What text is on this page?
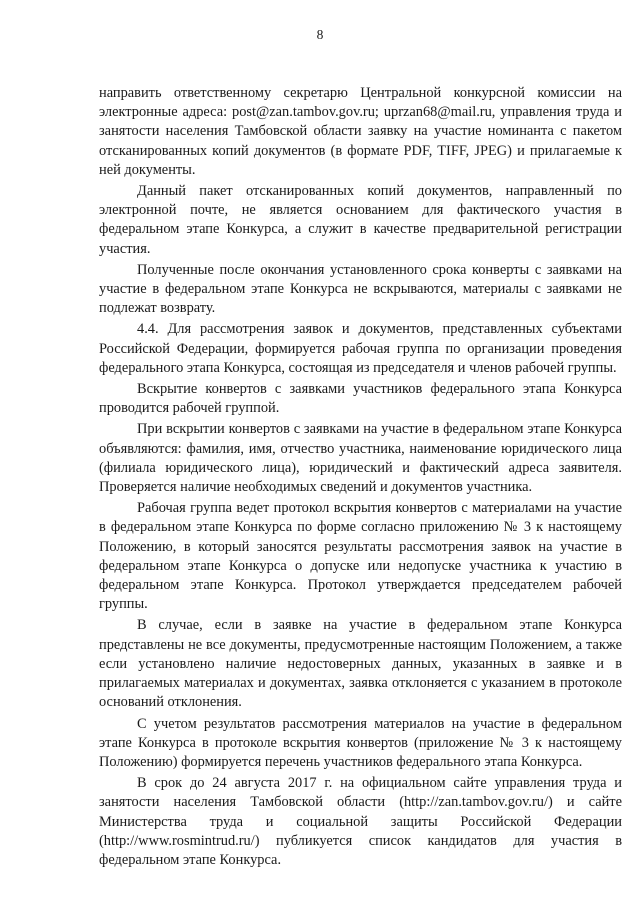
8

направить ответственному секретарю Центральной конкурсной комиссии на электронные адреса: post@zan.tambov.gov.ru; uprzan68@mail.ru, управления труда и занятости населения Тамбовской области заявку на участие номинанта с пакетом отсканированных копий документов (в формате PDF, TIFF, JPEG) и прилагаемые к ней документы.

Данный пакет отсканированных копий документов, направленный по электронной почте, не является основанием для фактического участия в федеральном этапе Конкурса, а служит в качестве предварительной регистрации участия.

Полученные после окончания установленного срока конверты с заявками на участие в федеральном этапе Конкурса не вскрываются, материалы с заявками не подлежат возврату.

4.4. Для рассмотрения заявок и документов, представленных субъектами Российской Федерации, формируется рабочая группа по организации проведения федерального этапа Конкурса, состоящая из председателя и членов рабочей группы.

Вскрытие конвертов с заявками участников федерального этапа Конкурса проводится рабочей группой.

При вскрытии конвертов с заявками на участие в федеральном этапе Конкурса объявляются: фамилия, имя, отчество участника, наименование юридического лица (филиала юридического лица), юридический и фактический адреса заявителя. Проверяется наличие необходимых сведений и документов участника.

Рабочая группа ведет протокол вскрытия конвертов с материалами на участие в федеральном этапе Конкурса по форме согласно приложению № 3 к настоящему Положению, в который заносятся результаты рассмотрения заявок на участие в федеральном этапе Конкурса о допуске или недопуске участника к участию в федеральном этапе Конкурса. Протокол утверждается председателем рабочей группы.

В случае, если в заявке на участие в федеральном этапе Конкурса представлены не все документы, предусмотренные настоящим Положением, а также если установлено наличие недостоверных данных, указанных в заявке и в прилагаемых материалах и документах, заявка отклоняется с указанием в протоколе оснований отклонения.

С учетом результатов рассмотрения материалов на участие в федеральном этапе Конкурса в протоколе вскрытия конвертов (приложение № 3 к настоящему Положению) формируется перечень участников федерального этапа Конкурса.

В срок до 24 августа 2017 г. на официальном сайте управления труда и занятости населения Тамбовской области (http://zan.tambov.gov.ru/) и сайте Министерства труда и социальной защиты Российской Федерации (http://www.rosmintrud.ru/) публикуется список кандидатов для участия в федеральном этапе Конкурса.
